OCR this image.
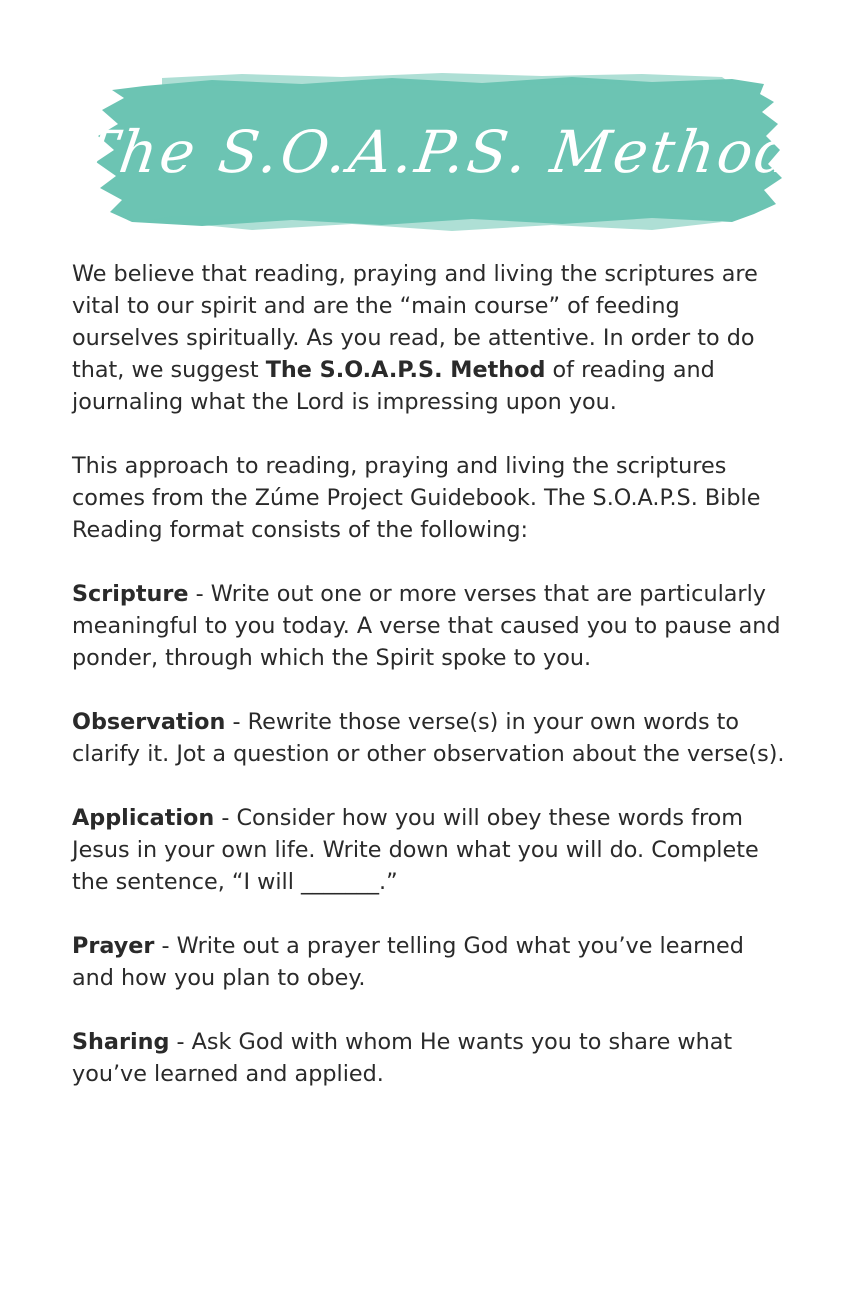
The S.O.A.P.S. Method

We believe that reading, praying and living the scriptures are vital to our spirit and are the “main course” of feeding ourselves spiritually. As you read, be attentive. In order to do that, we suggest The S.O.A.P.S. Method of reading and journaling what the Lord is impressing upon you.

This approach to reading, praying and living the scriptures comes from the Zúme Project Guidebook. The S.O.A.P.S. Bible Reading format consists of the following:

Scripture - Write out one or more verses that are particularly meaningful to you today. A verse that caused you to pause and ponder, through which the Spirit spoke to you.

Observation - Rewrite those verse(s) in your own words to clarify it. Jot a question or other observation about the verse(s).

Application - Consider how you will obey these words from Jesus in your own life. Write down what you will do. Complete the sentence, “I will _______.”

Prayer - Write out a prayer telling God what you’ve learned and how you plan to obey.

Sharing - Ask God with whom He wants you to share what you’ve learned and applied.
